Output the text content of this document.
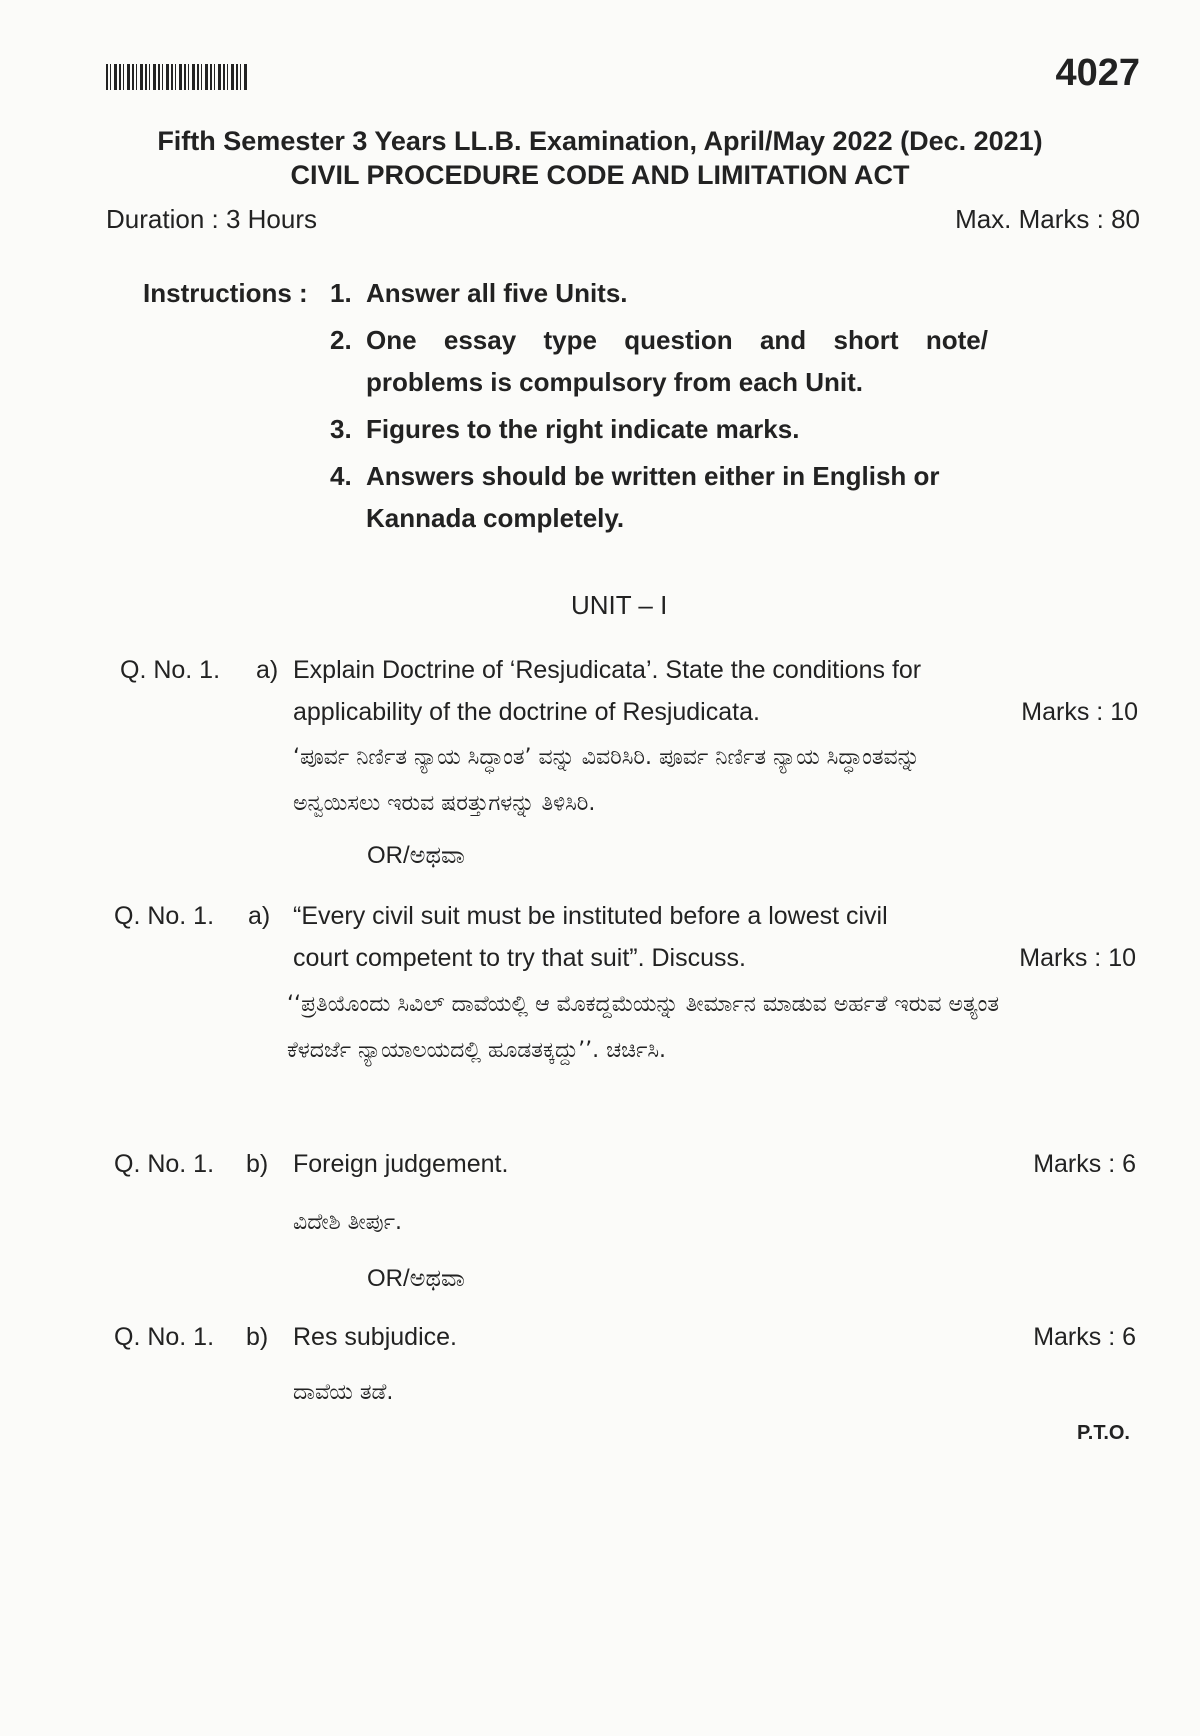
4027
Fifth Semester 3 Years LL.B. Examination, April/May 2022 (Dec. 2021)
CIVIL PROCEDURE CODE AND LIMITATION ACT
Duration : 3 Hours	Max. Marks : 80
Instructions : 1. Answer all five Units.
2. One essay type question and short note/
problems is compulsory from each Unit.
3. Figures to the right indicate marks.
4. Answers should be written either in English or Kannada completely.
UNIT – I
Q. No. 1. a) Explain Doctrine of ‘Resjudicata’. State the conditions for applicability of the doctrine of Resjudicata.	Marks : 10
‘ಪೂರ್ವ ನಿರ್ಣಿತ ನ್ಯಾಯ ಸಿದ್ಧಾಂತ’ ವನ್ನು ವಿವರಿಸಿರಿ. ಪೂರ್ವ ನಿರ್ಣಿತ ನ್ಯಾಯ ಸಿದ್ಧಾಂತವನ್ನು ಅನ್ವಯಿಸಲು ಇರುವ ಷರತ್ತುಗಳನ್ನು ತಿಳಿಸಿರಿ.
OR/ಅಥವಾ
Q. No. 1. a) “Every civil suit must be instituted before a lowest civil court competent to try that suit”. Discuss.	Marks : 10
‘‘ಪ್ರತಿಯೊಂದು ಸಿವಿಲ್ ದಾವೆಯಲ್ಲಿ ಆ ಮೊಕದ್ದಮೆಯನ್ನು ತೀರ್ಮಾನ ಮಾಡುವ ಅರ್ಹತೆ ಇರುವ ಅತ್ಯಂತ ಕೆಳದರ್ಜೆ ನ್ಯಾಯಾಲಯದಲ್ಲಿ ಹೂಡತಕ್ಕದ್ದು’’. ಚರ್ಚಿಸಿ.
Q. No. 1. b) Foreign judgement.	Marks : 6
ವಿದೇಶಿ ತೀರ್ಪು.
OR/ಅಥವಾ
Q. No. 1. b) Res subjudice.	Marks : 6
ದಾವೆಯ ತಡೆ.
P.T.O.
